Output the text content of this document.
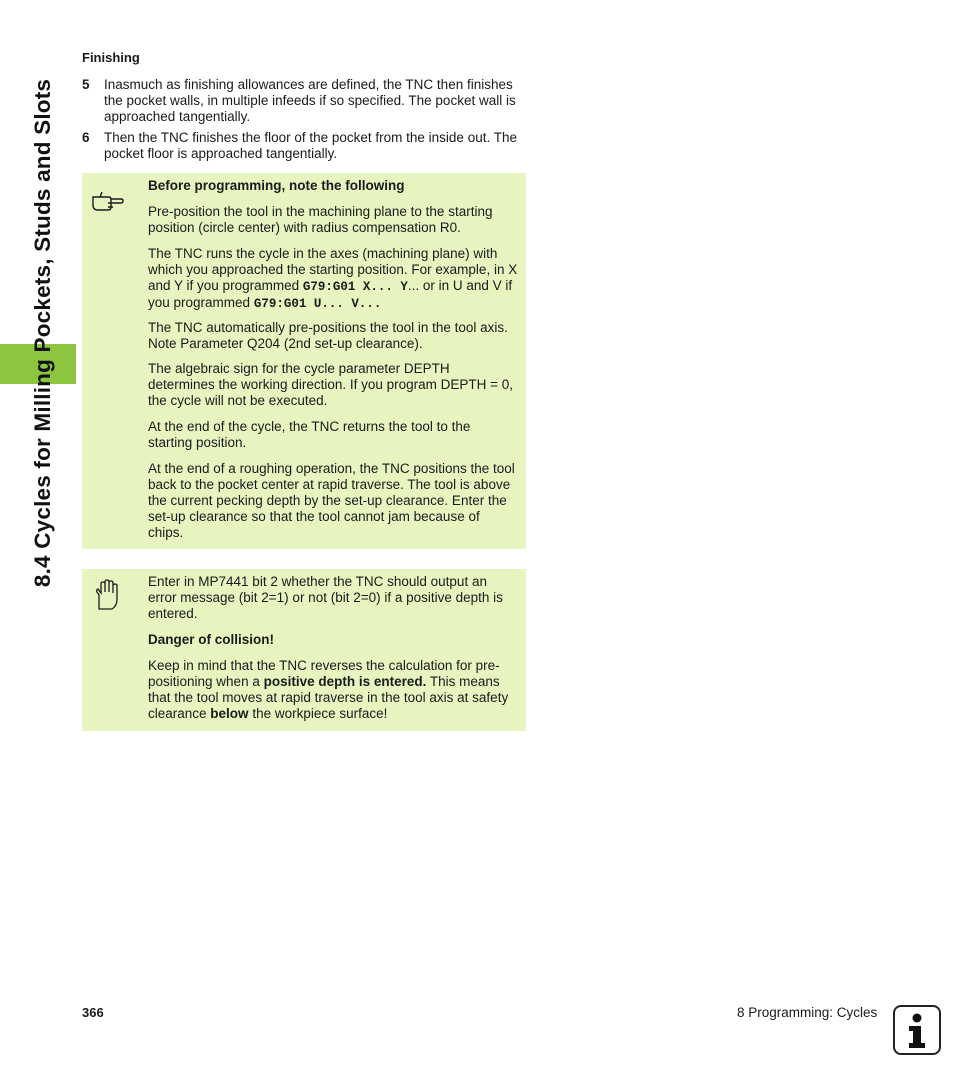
8.4 Cycles for Milling Pockets, Studs and Slots
Finishing
5 Inasmuch as finishing allowances are defined, the TNC then finishes the pocket walls, in multiple infeeds if so specified. The pocket wall is approached tangentially.
6 Then the TNC finishes the floor of the pocket from the inside out. The pocket floor is approached tangentially.

Before programming, note the following

Pre-position the tool in the machining plane to the starting position (circle center) with radius compensation R0.

The TNC runs the cycle in the axes (machining plane) with which you approached the starting position. For example, in X and Y if you programmed G79:G01 X... Y... or in U and V if you programmed G79:G01 U... V...

The TNC automatically pre-positions the tool in the tool axis. Note Parameter Q204 (2nd set-up clearance).

The algebraic sign for the cycle parameter DEPTH determines the working direction. If you program DEPTH = 0, the cycle will not be executed.

At the end of the cycle, the TNC returns the tool to the starting position.

At the end of a roughing operation, the TNC positions the tool back to the pocket center at rapid traverse. The tool is above the current pecking depth by the set-up clearance. Enter the set-up clearance so that the tool cannot jam because of chips.

Enter in MP7441 bit 2 whether the TNC should output an error message (bit 2=1) or not (bit 2=0) if a positive depth is entered.

Danger of collision!

Keep in mind that the TNC reverses the calculation for pre-positioning when a positive depth is entered. This means that the tool moves at rapid traverse in the tool axis at safety clearance below the workpiece surface!

366	8 Programming: Cycles
